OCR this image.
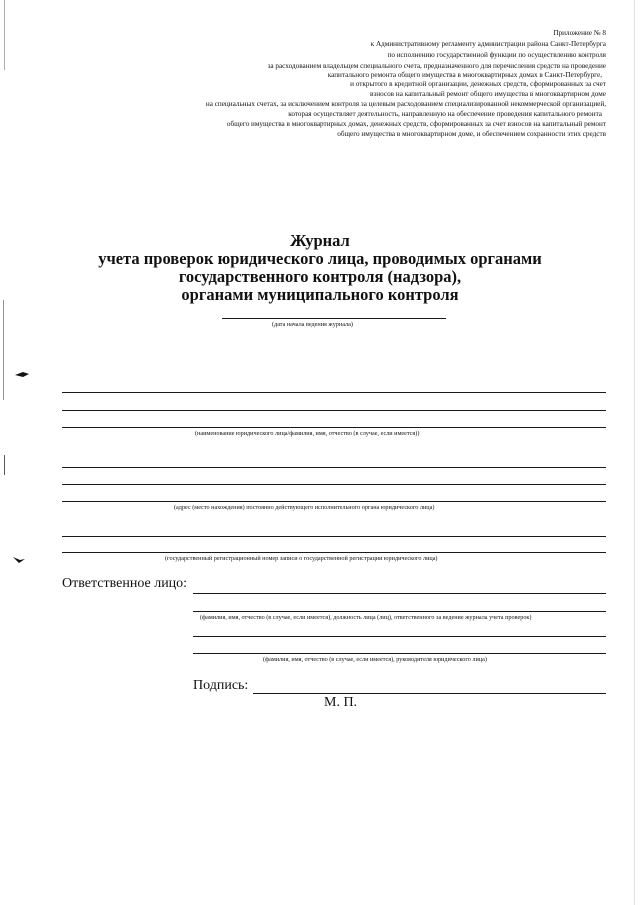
Приложение № 8
к Административному регламенту администрации района Санкт-Петербурга
по исполнению государственной функции по осуществлению контроля
за расходованием владельцем специального счета, предназначенного для перечисления средств на проведение
капитального ремонта общего имущества в многоквартирных домах в Санкт-Петербурге,
и открытого в кредитной организации, денежных средств, сформированных за счет
взносов на капитальный ремонт общего имущества в многоквартирном доме
на специальных счетах, за исключением контроля за целевым расходованием специализированной некоммерческой организацией,
которая осуществляет деятельность, направленную на обеспечение проведения капитального ремонта
общего имущества в многоквартирных домах, денежных средств, сформированных за счет взносов на капитальный ремонт
общего имущества в многоквартирном доме, и обеспечением сохранности этих средств
Журнал
учета проверок юридического лица, проводимых органами
государственного контроля (надзора),
органами муниципального контроля
(дата начала ведения журнала)
(наименование юридического лица/фамилия, имя, отчество (в случае, если имеется))
(адрес (место нахождения) постоянно действующего исполнительного органа юридического лица)
(государственный регистрационный номер записи о государственной регистрации юридического лица)
Ответственное лицо:
(фамилия, имя, отчество (в случае, если имеется), должность лица (лиц), ответственного за ведение журнала учета проверок)
(фамилия, имя, отчество (в случае, если имеется), руководителя юридического лица)
Подпись:
М. П.
